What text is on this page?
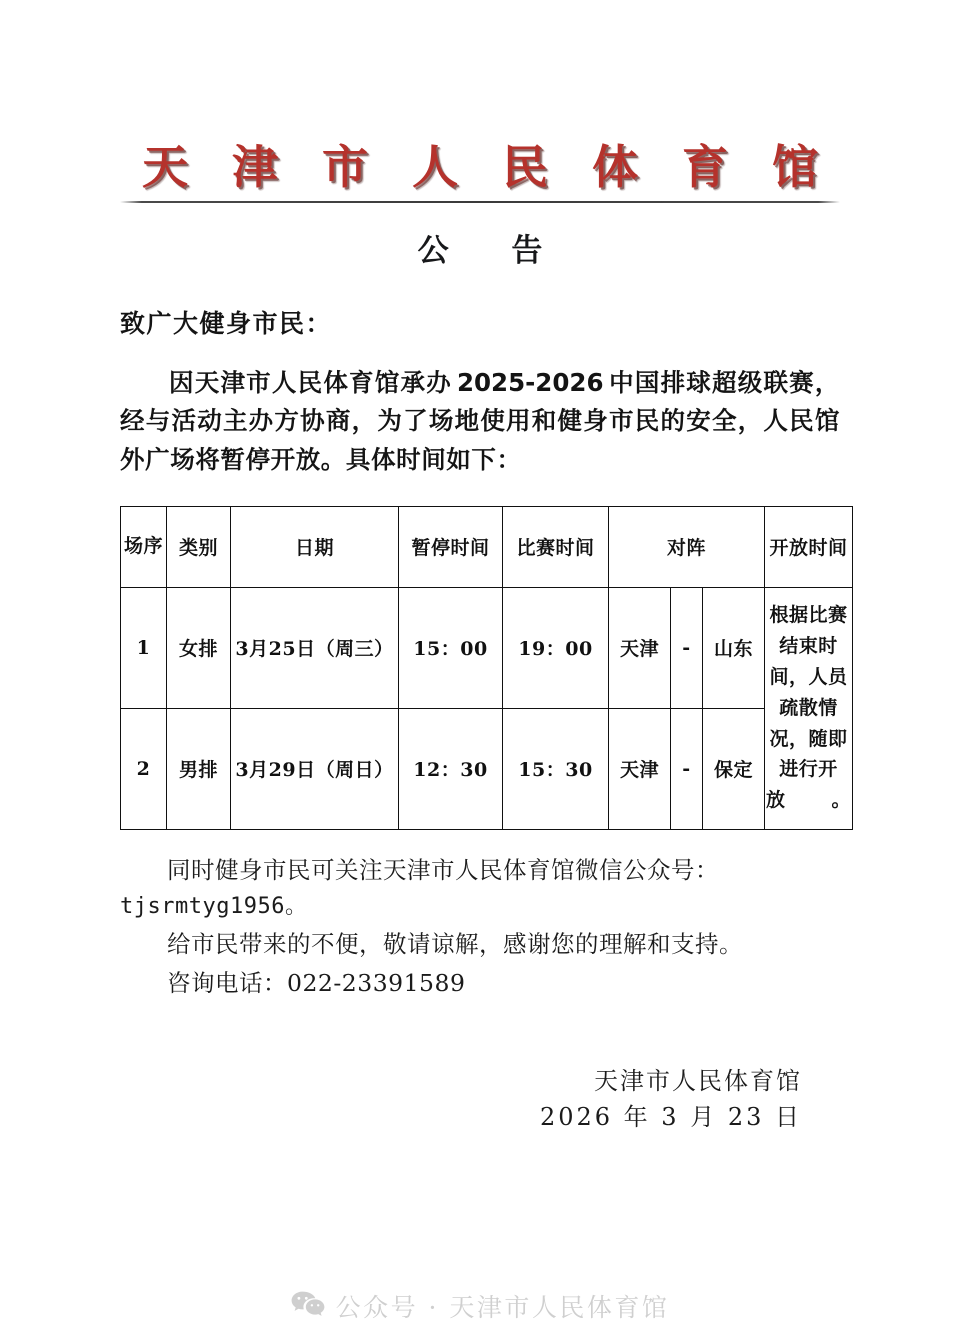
天 津 市 人 民 体 育 馆
公 告
致广大健身市民：

因天津市人民体育馆承办 2025-2026 中国排球超级联赛，经与活动主办方协商，为了场地使用和健身市民的安全，人民馆外广场将暂停开放。具体时间如下：

场序	类别	日期	暂停时间	比赛时间	对阵			开放时间
1	女排	3月25日（周三）	15：00	19：00	天津	-	山东	根据比赛结束时间，人员疏散情况，随即进行开放。
2	男排	3月29日（周日）	12：30	15：30	天津	-	保定	

同时健身市民可关注天津市人民体育馆微信公众号：

tjsrmtyg1956。

给市民带来的不便，敬请谅解，感谢您的理解和支持。

咨询电话：022-23391589

天津市人民体育馆
2026 年 3 月 23 日
公众号 · 天津市人民体育馆
